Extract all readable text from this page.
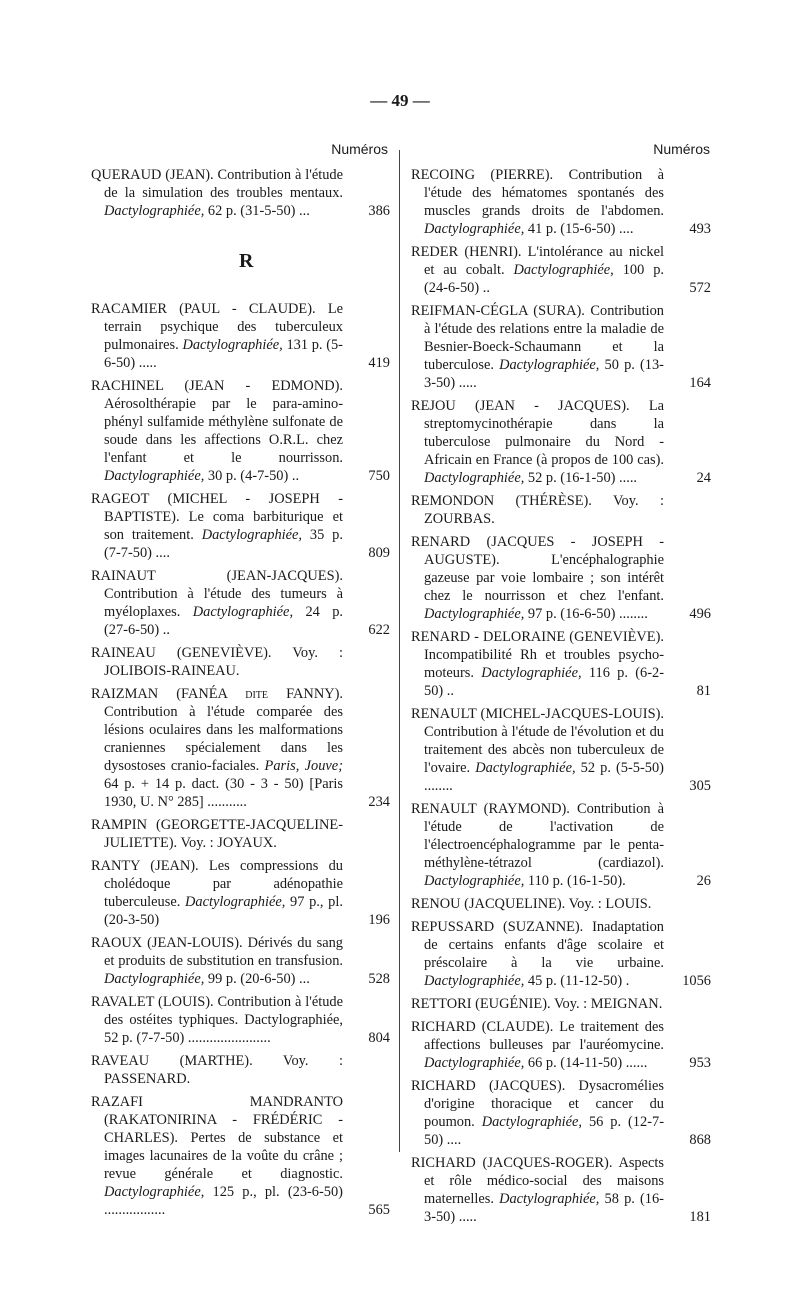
— 49 —
Numéros	Numéros
QUERAUD (JEAN). Contribution à l'étude de la simulation des troubles mentaux. Dactylographiée, 62 p. (31-5-50) ...	386
R
RACAMIER (PAUL - CLAUDE). Le terrain psychique des tuberculeux pulmonaires. Dactylographiée, 131 p. (5-6-50) .....	419
RACHINEL (JEAN - EDMOND). Aérosolthérapie par le para-amino-phényl sulfamide méthylène sulfonate de soude dans les affections O.R.L. chez l'enfant et le nourrisson. Dactylographiée, 30 p. (4-7-50) ..	750
RAGEOT (MICHEL - JOSEPH - BAPTISTE). Le coma barbiturique et son traitement. Dactylographiée, 35 p. (7-7-50) ....	809
RAINAUT (JEAN-JACQUES). Contribution à l'étude des tumeurs à myéloplaxes. Dactylographiée, 24 p. (27-6-50) ..	622
RAINEAU (GENEVIÈVE). Voy. : JOLIBOIS-RAINEAU.
RAIZMAN (FANÉA dite FANNY). Contribution à l'étude comparée des lésions oculaires dans les malformations craniennes spécialement dans les dysostoses cranio-faciales. Paris, Jouve; 64 p. + 14 p. dact. (30 - 3 - 50) [Paris 1930, U. N° 285] ...........	234
RAMPIN (GEORGETTE-JACQUELINE-JULIETTE). Voy. : JOYAUX.
RANTY (JEAN). Les compressions du cholédoque par adénopathie tuberculeuse. Dactylographiée, 97 p., pl. (20-3-50)	196
RAOUX (JEAN-LOUIS). Dérivés du sang et produits de substitution en transfusion. Dactylographiée, 99 p. (20-6-50) ...	528
RAVALET (LOUIS). Contribution à l'étude des ostéites typhiques. Dactylographiée, 52 p. (7-7-50) .......................	804
RAVEAU (MARTHE). Voy. : PASSENARD.
RAZAFI MANDRANTO (RAKATONIRINA - FRÉDÉRIC - CHARLES). Pertes de substance et images lacunaires de la voûte du crâne ; revue générale et diagnostic. Dactylographiée, 125 p., pl. (23-6-50) .................	565
RECOING (PIERRE). Contribution à l'étude des hématomes spontanés des muscles grands droits de l'abdomen. Dactylographiée, 41 p. (15-6-50) ....	493
REDER (HENRI). L'intolérance au nickel et au cobalt. Dactylographiée, 100 p. (24-6-50) ..	572
REIFMAN-CÉGLA (SURA). Contribution à l'étude des relations entre la maladie de Besnier-Boeck-Schaumann et la tuberculose. Dactylographiée, 50 p. (13-3-50) .....	164
REJOU (JEAN - JACQUES). La streptomycinothérapie dans la tuberculose pulmonaire du Nord - Africain en France (à propos de 100 cas). Dactylographiée, 52 p. (16-1-50) .....	24
REMONDON (THÉRÈSE). Voy. : ZOURBAS.
RENARD (JACQUES - JOSEPH - AUGUSTE).	L'encéphalographie gazeuse par voie lombaire ; son intérêt chez le nourrisson et chez l'enfant. Dactylographiée, 97 p. (16-6-50) ........	496
RENARD - DELORAINE (GENEVIÈVE). Incompatibilité Rh et troubles psycho-moteurs. Dactylographiée, 116 p. (6-2-50) ..	81
RENAULT (MICHEL-JACQUES-LOUIS). Contribution à l'étude de l'évolution et du traitement des abcès non tuberculeux de l'ovaire. Dactylographiée, 52 p. (5-5-50) ........	305
RENAULT (RAYMOND). Contribution à l'étude de l'activation de l'électroencéphalogramme par le penta-méthylène-tétrazol (cardiazol). Dactylographiée, 110 p. (16-1-50).	26
RENOU (JACQUELINE). Voy. : LOUIS.
REPUSSARD (SUZANNE). Inadaptation de certains enfants d'âge scolaire et préscolaire à la vie urbaine. Dactylographiée, 45 p. (11-12-50) .	1056
RETTORI (EUGÉNIE). Voy. : MEIGNAN.
RICHARD (CLAUDE). Le traitement des affections bulleuses par l'auréomycine. Dactylographiée, 66 p. (14-11-50) ......	953
RICHARD (JACQUES). Dysacromélies d'origine thoracique et cancer du poumon. Dactylographiée, 56 p. (12-7-50) ....	868
RICHARD (JACQUES-ROGER). Aspects et rôle médico-social des maisons maternelles. Dactylographiée, 58 p. (16-3-50) .....	181
